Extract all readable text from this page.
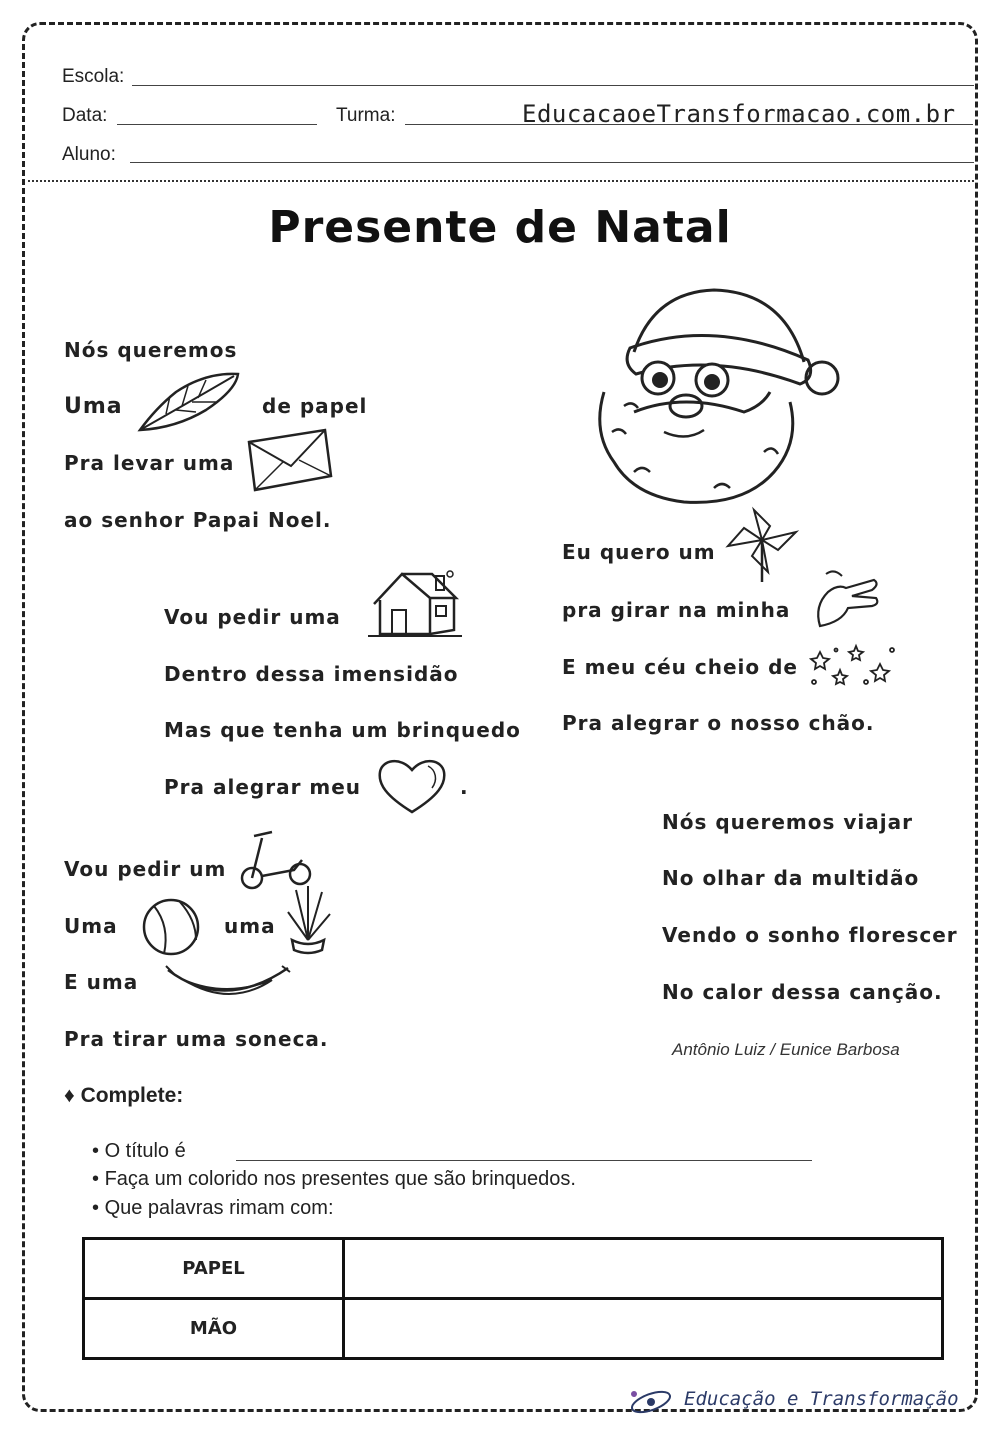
Escola:
Data:	Turma:	EducacaoeTransformacao.com.br
Aluno:
Presente de Natal
Nós queremos
Uma	de papel
Pra levar uma
ao senhor Papai Noel.
Vou pedir uma
Dentro dessa imensidão
Mas que tenha um brinquedo
Pra alegrar meu	.
Vou pedir um
Uma	uma
E uma
Pra tirar uma soneca.
Eu quero um
pra girar na minha
E meu céu cheio de
Pra alegrar o nosso chão.
Nós queremos viajar
No olhar da multidão
Vendo o sonho florescer
No calor dessa canção.
Antônio Luiz / Eunice Barbosa
♦ Complete:
• O título é
• Faça um colorido nos presentes que são brinquedos.
• Que palavras rimam com:
PAPEL	
MÃO	
Educação e Transformação
